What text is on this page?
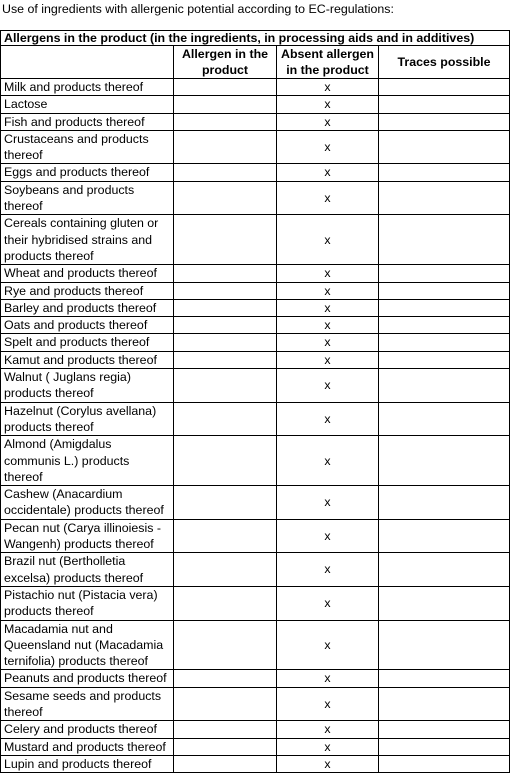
Use of ingredients with allergenic potential according to EC-regulations:
Allergens in the product (in the ingredients, in processing aids and in additives)			
	Allergen in the product	Absent allergen in the product	Traces possible
Milk and products thereof		x	
Lactose		x	
Fish and products thereof		x	
Crustaceans and products thereof		x	
Eggs and products thereof		x	
Soybeans and products thereof		x	
Cereals containing gluten or their hybridised strains and products thereof		x	
Wheat and products thereof		x	
Rye and products thereof		x	
Barley and products thereof		x	
Oats and products thereof		x	
Spelt and products thereof		x	
Kamut and products thereof		x	
Walnut ( Juglans regia) products thereof		x	
Hazelnut (Corylus avellana) products thereof		x	
Almond (Amigdalus communis L.) products thereof		x	
Cashew (Anacardium occidentale) products thereof		x	
Pecan nut (Carya illinoiesis - Wangenh) products thereof		x	
Brazil nut (Bertholletia excelsa) products thereof		x	
Pistachio nut (Pistacia vera) products thereof		x	
Macadamia nut and Queensland nut (Macadamia ternifolia) products thereof		x	
Peanuts and products thereof		x	
Sesame seeds and products thereof		x	
Celery and products thereof		x	
Mustard and products thereof		x	
Lupin and products thereof		x	
